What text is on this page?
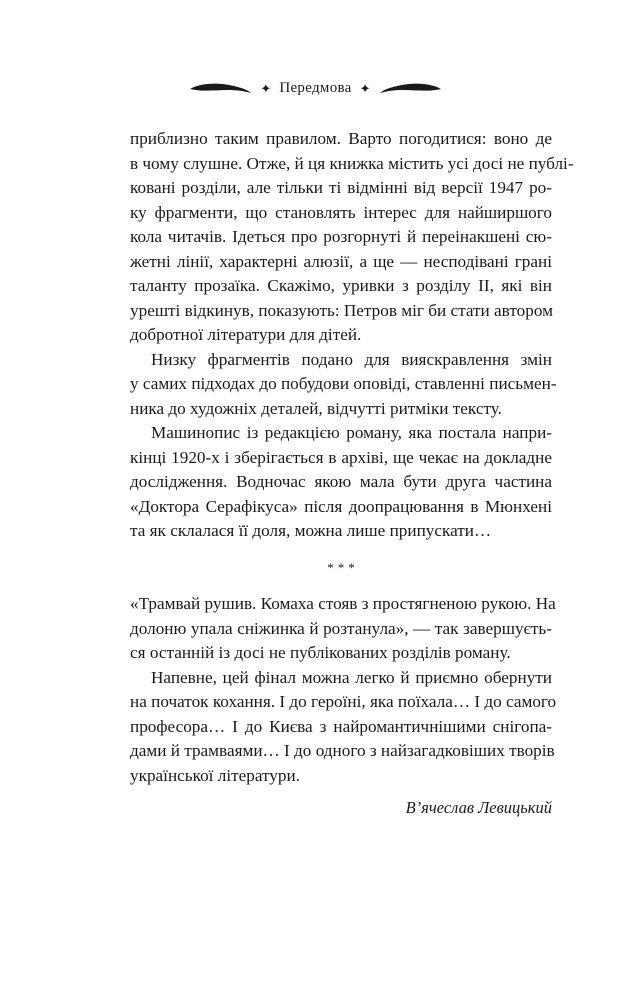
✦ Передмова ✦
приблизно таким правилом. Варто погодитися: воно де
в чому слушне. Отже, й ця книжка містить усі досі не публі-
ковані розділи, але тільки ті відмінні від версії 1947 ро-
ку фрагменти, що становлять інтерес для найширшого
кола читачів. Ідеться про розгорнуті й переінакшені сю-
жетні лінії, характерні алюзії, а ще — несподівані грані
таланту прозаїка. Скажімо, уривки з розділу II, які він
урешті відкинув, показують: Петров міг би стати автором
добротної літератури для дітей.
Низку фрагментів подано для вияскравлення змін
у самих підходах до побудови оповіді, ставленні письмен-
ника до художніх деталей, відчутті ритміки тексту.
Машинопис із редакцією роману, яка постала напри-
кінці 1920-х і зберігається в архіві, ще чекає на докладне
дослідження. Водночас якою мала бути друга частина
«Доктора Серафікуса» після доопрацювання в Мюнхені
та як склалася її доля, можна лише припускати…
***
«Трамвай рушив. Комаха стояв з простягненою рукою. На
долоню упала сніжинка й розтанула», — так завершуєть-
ся останній із досі не публікованих розділів роману.
Напевне, цей фінал можна легко й приємно обернути
на початок кохання. І до героїні, яка поїхала… І до самого
професора… І до Києва з найромантичнішими снігопа-
дами й трамваями… І до одного з найзагадковіших творів
української літератури.
В’ячеслав Левицький
